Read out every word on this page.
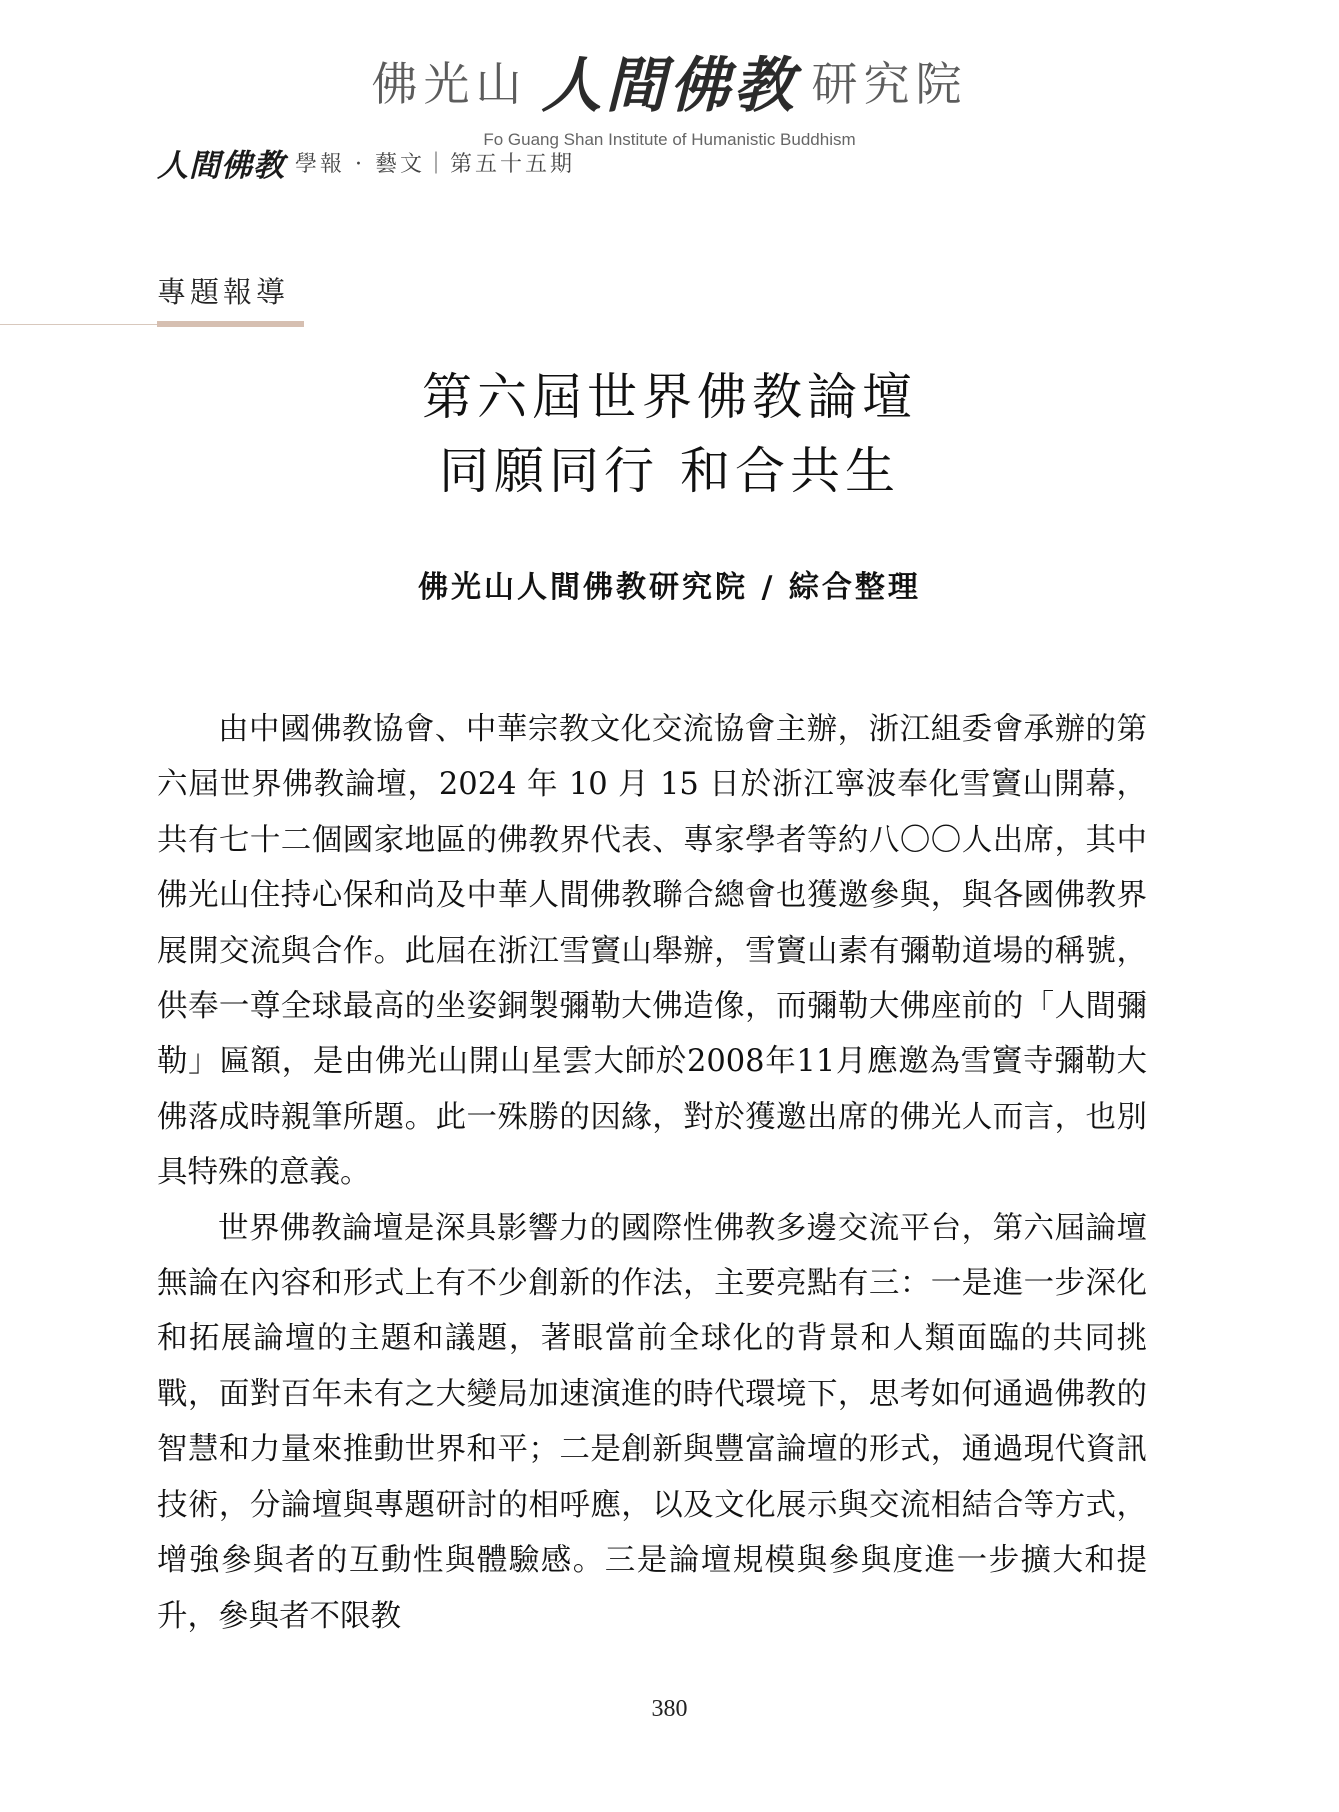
佛光山 人間佛教 研究院
Fo Guang Shan Institute of Humanistic Buddhism
人間佛教 學報 · 藝文｜第五十五期
專題報導
第六屆世界佛教論壇
同願同行 和合共生
佛光山人間佛教研究院 / 綜合整理

由中國佛教協會、中華宗教文化交流協會主辦，浙江組委會承辦的第六屆世界佛教論壇，2024 年 10 月 15 日於浙江寧波奉化雪竇山開幕，共有七十二個國家地區的佛教界代表、專家學者等約八〇〇人出席，其中佛光山住持心保和尚及中華人間佛教聯合總會也獲邀參與，與各國佛教界展開交流與合作。此屆在浙江雪竇山舉辦，雪竇山素有彌勒道場的稱號，供奉一尊全球最高的坐姿銅製彌勒大佛造像，而彌勒大佛座前的「人間彌勒」匾額，是由佛光山開山星雲大師於2008年11月應邀為雪竇寺彌勒大佛落成時親筆所題。此一殊勝的因緣，對於獲邀出席的佛光人而言，也別具特殊的意義。

世界佛教論壇是深具影響力的國際性佛教多邊交流平台，第六屆論壇無論在內容和形式上有不少創新的作法，主要亮點有三：一是進一步深化和拓展論壇的主題和議題，著眼當前全球化的背景和人類面臨的共同挑戰，面對百年未有之大變局加速演進的時代環境下，思考如何通過佛教的智慧和力量來推動世界和平；二是創新與豐富論壇的形式，通過現代資訊技術，分論壇與專題研討的相呼應，以及文化展示與交流相結合等方式，增強參與者的互動性與體驗感。三是論壇規模與參與度進一步擴大和提升，參與者不限教

380
